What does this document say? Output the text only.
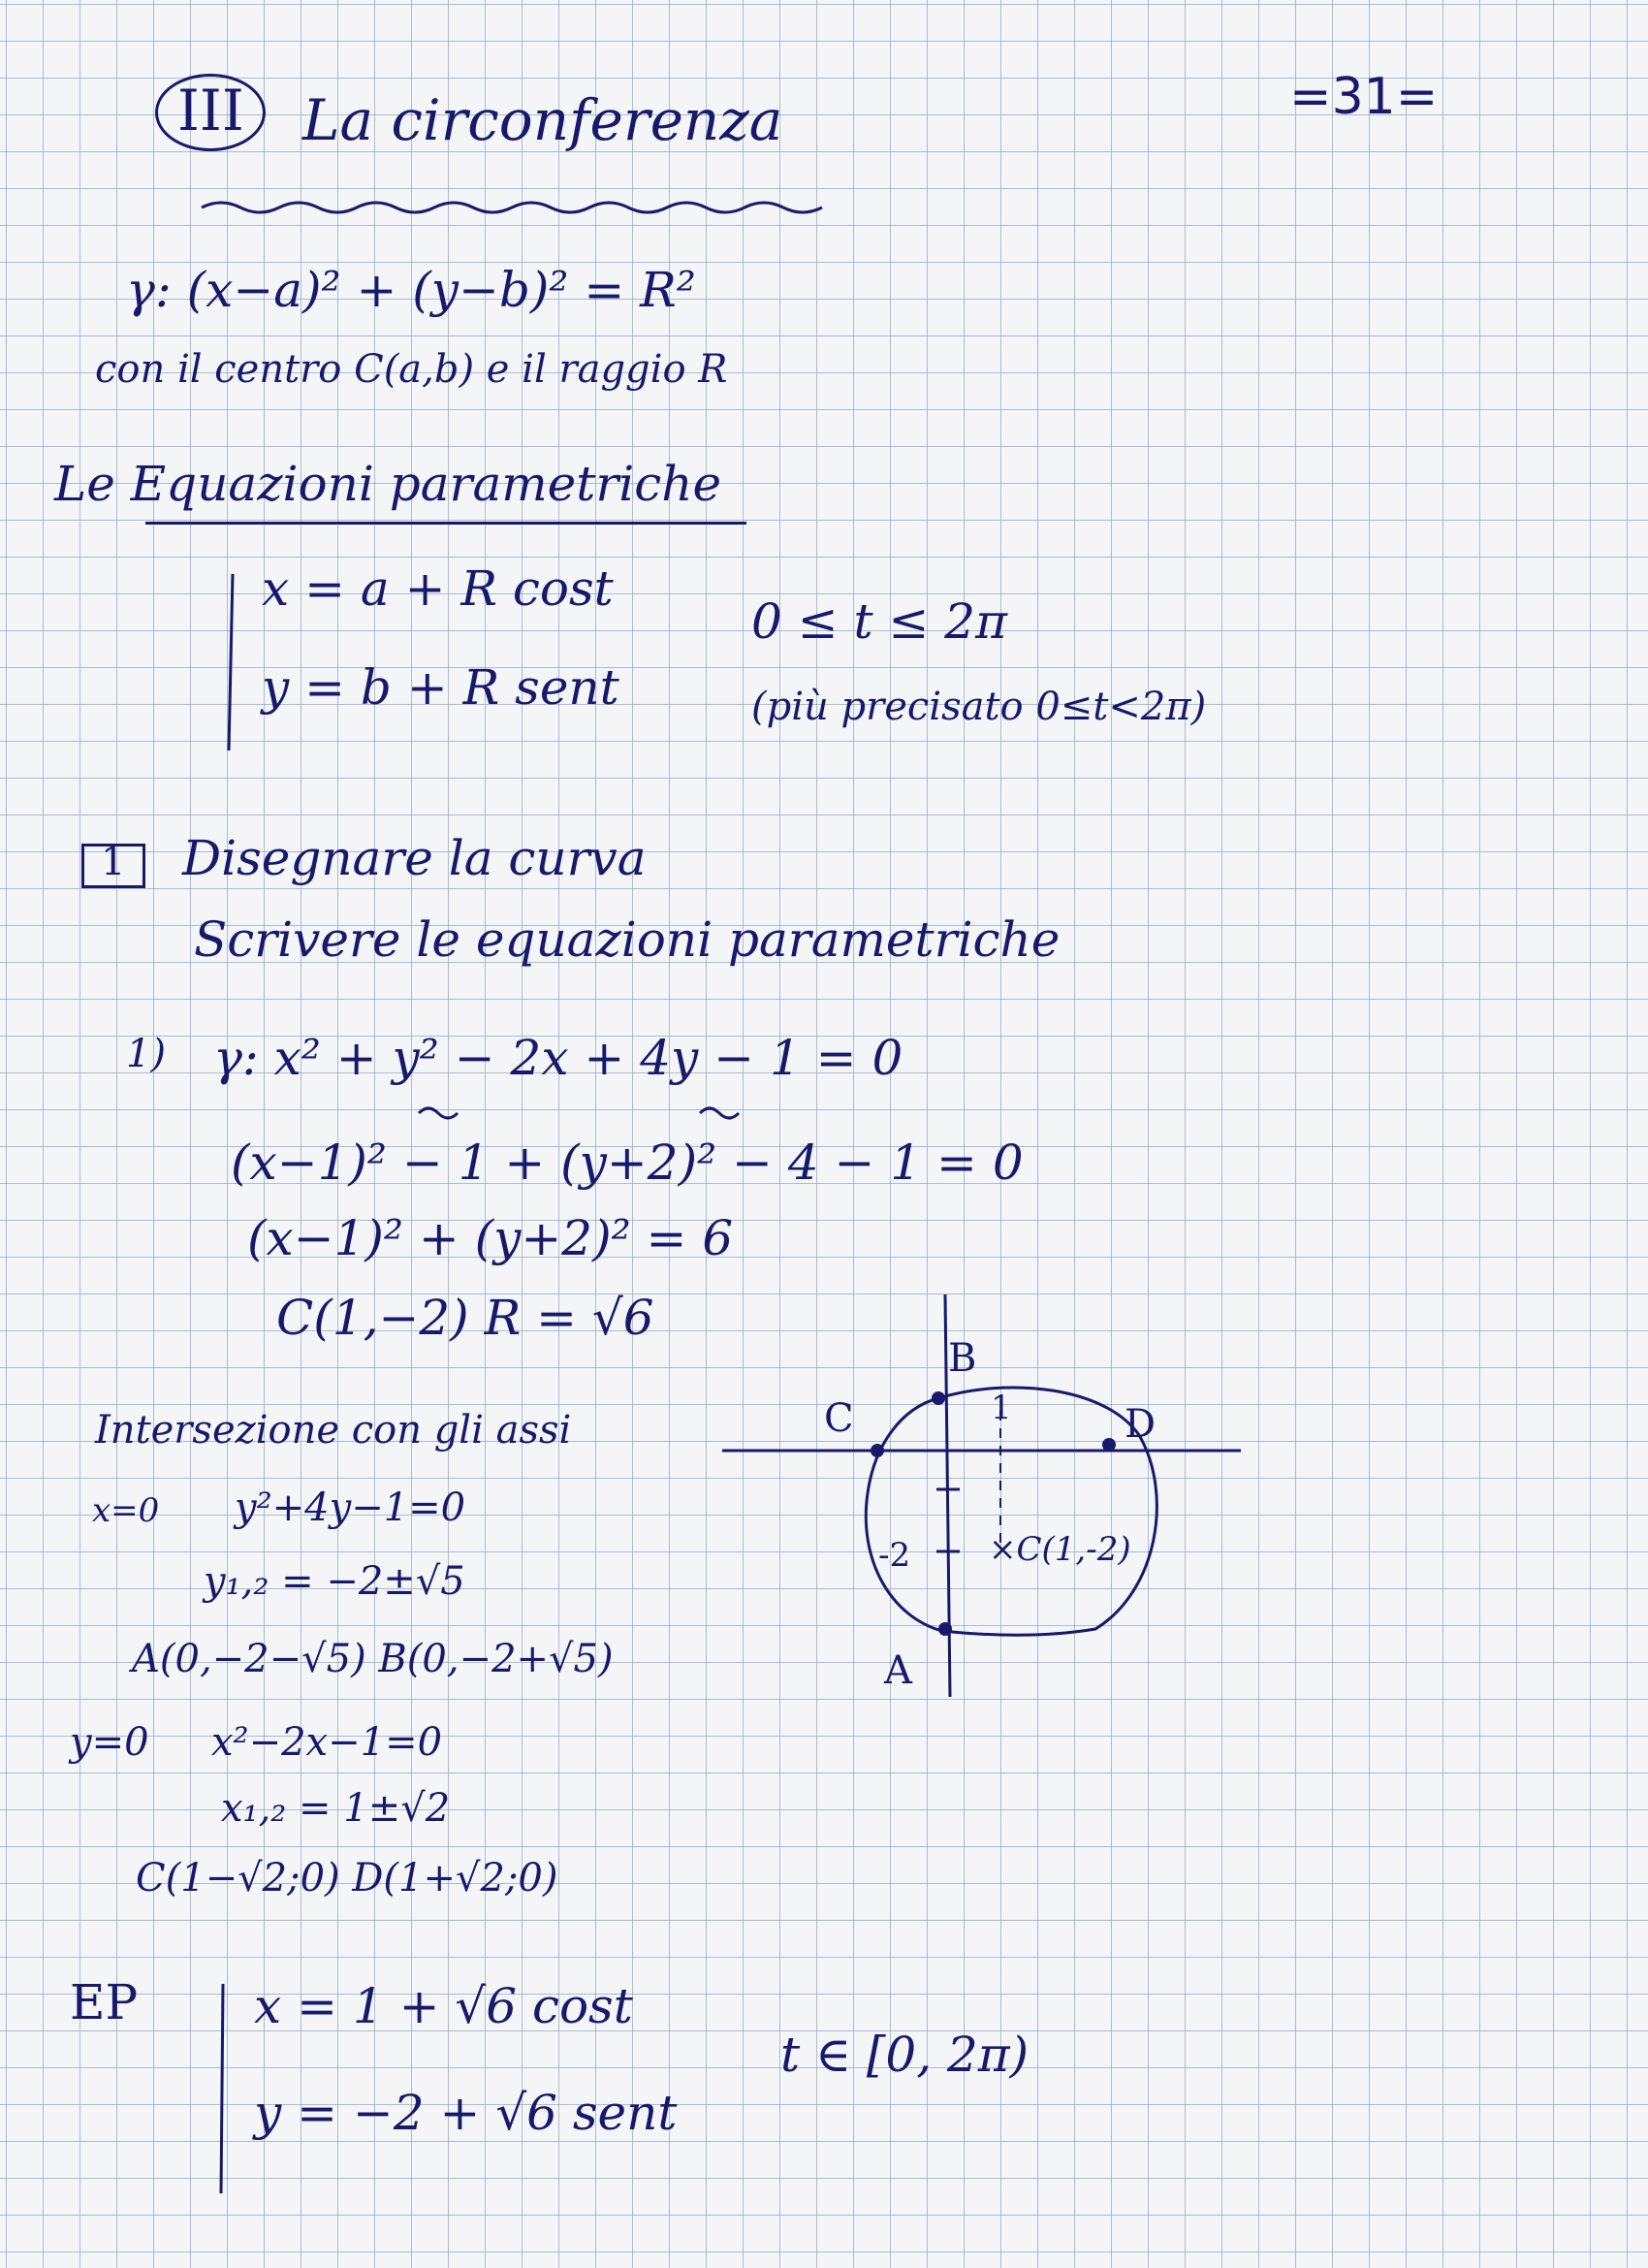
III La circonferenza	=31=
γ: (x−a)² + (y−b)² = R²
con il centro C(a,b) e il raggio R
Le Equazioni parametriche
x = a + R cost
y = b + R sent
0 ≤ t ≤ 2π
(più precisato 0≤t<2π)
1 Disegnare la curva
Scrivere le equazioni parametriche
1) γ: x² + y² − 2x + 4y − 1 = 0
(x−1)² − 1 + (y+2)² − 4 − 1 = 0
(x−1)² + (y+2)² = 6
C(1,−2) R = √6
Intersezione con gli assi
x=0 y²+4y−1=0
y₁,₂ = −2±√5
A(0,−2−√5) B(0,−2+√5)
y=0 x²−2x−1=0
x₁,₂ = 1±√2
C(1−√2;0) D(1+√2;0)
EP x = 1 + √6 cost
y = −2 + √6 sent
t ∈ [0, 2π)
B
C	D
A
1
-2 ×C(1,-2)
